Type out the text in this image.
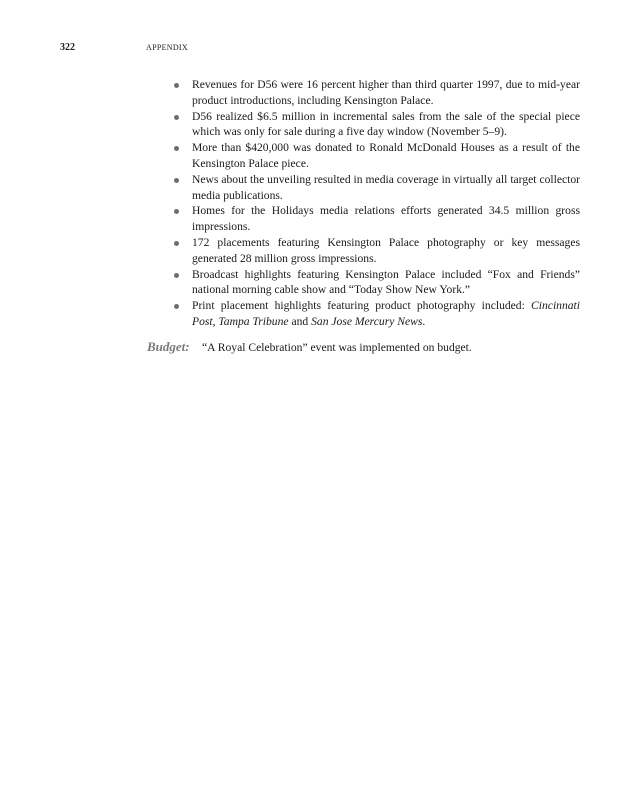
322	APPENDIX
Revenues for D56 were 16 percent higher than third quarter 1997, due to mid-year product introductions, including Kensington Palace.
D56 realized $6.5 million in incremental sales from the sale of the special piece which was only for sale during a five day window (November 5–9).
More than $420,000 was donated to Ronald McDonald Houses as a result of the Kensington Palace piece.
News about the unveiling resulted in media coverage in virtually all target collector media publications.
Homes for the Holidays media relations efforts generated 34.5 million gross impressions.
172 placements featuring Kensington Palace photography or key messages generated 28 million gross impressions.
Broadcast highlights featuring Kensington Palace included “Fox and Friends” national morning cable show and “Today Show New York.”
Print placement highlights featuring product photography included: Cincinnati Post, Tampa Tribune and San Jose Mercury News.
Budget: “A Royal Celebration” event was implemented on budget.
